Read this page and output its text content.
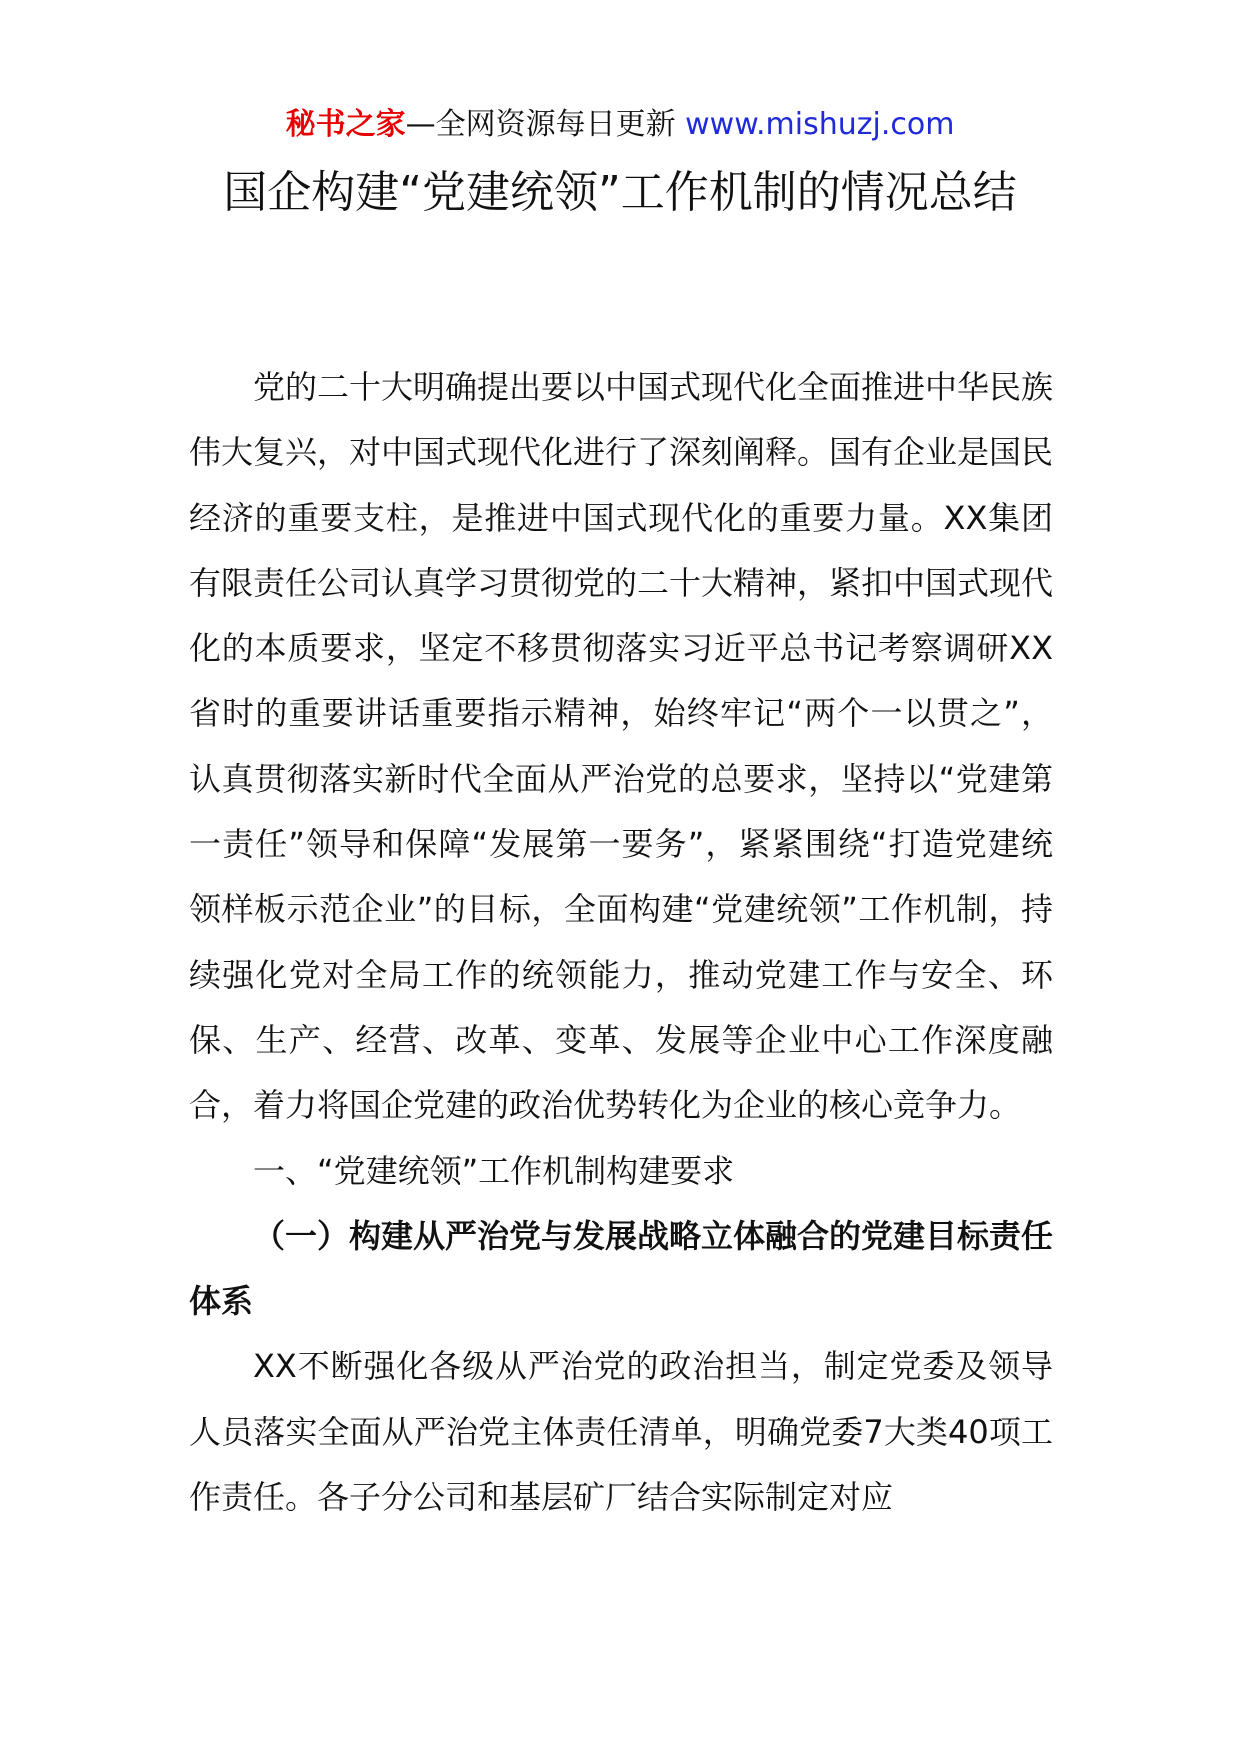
秘书之家—全网资源每日更新 www.mishuzj.com
国企构建“党建统领”工作机制的情况总结

党的二十大明确提出要以中国式现代化全面推进中华民族伟大复兴，对中国式现代化进行了深刻阐释。国有企业是国民经济的重要支柱，是推进中国式现代化的重要力量。XX集团有限责任公司认真学习贯彻党的二十大精神，紧扣中国式现代化的本质要求，坚定不移贯彻落实习近平总书记考察调研XX省时的重要讲话重要指示精神，始终牢记“两个一以贯之”，认真贯彻落实新时代全面从严治党的总要求，坚持以“党建第一责任”领导和保障“发展第一要务”，紧紧围绕“打造党建统领样板示范企业”的目标，全面构建“党建统领”工作机制，持续强化党对全局工作的统领能力，推动党建工作与安全、环保、生产、经营、改革、变革、发展等企业中心工作深度融合，着力将国企党建的政治优势转化为企业的核心竞争力。

一、“党建统领”工作机制构建要求

（一）构建从严治党与发展战略立体融合的党建目标责任体系

XX不断强化各级从严治党的政治担当，制定党委及领导人员落实全面从严治党主体责任清单，明确党委7大类40项工作责任。各子分公司和基层矿厂结合实际制定对应
